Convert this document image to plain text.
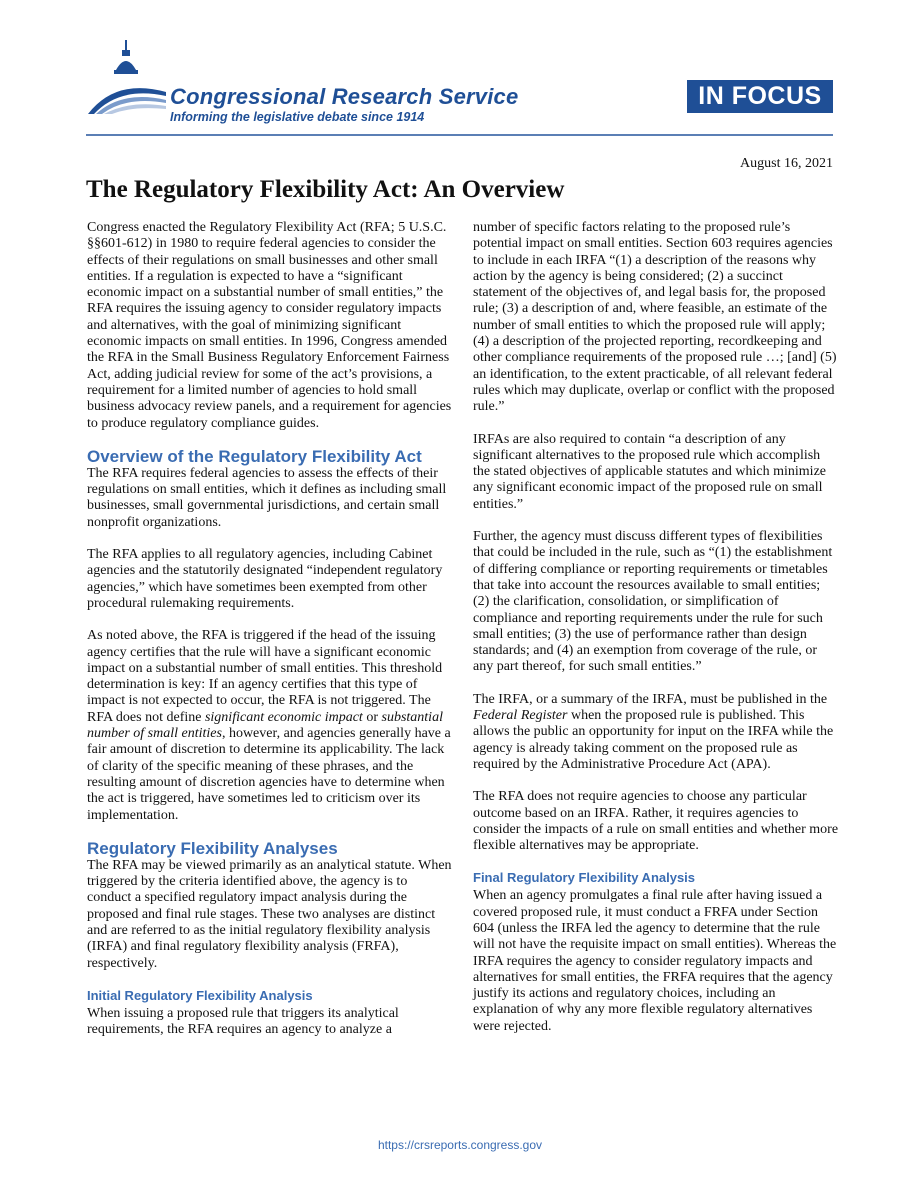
Congressional Research Service
Informing the legislative debate since 1914
IN FOCUS
August 16, 2021
The Regulatory Flexibility Act: An Overview

Congress enacted the Regulatory Flexibility Act (RFA; 5 U.S.C. §§601-612) in 1980 to require federal agencies to consider the effects of their regulations on small businesses and other small entities. If a regulation is expected to have a “significant economic impact on a substantial number of small entities,” the RFA requires the issuing agency to consider regulatory impacts and alternatives, with the goal of minimizing significant economic impacts on small entities. In 1996, Congress amended the RFA in the Small Business Regulatory Enforcement Fairness Act, adding judicial review for some of the act’s provisions, a requirement for a limited number of agencies to hold small business advocacy review panels, and a requirement for agencies to produce regulatory compliance guides.

Overview of the Regulatory Flexibility Act

The RFA requires federal agencies to assess the effects of their regulations on small entities, which it defines as including small businesses, small governmental jurisdictions, and certain small nonprofit organizations.

The RFA applies to all regulatory agencies, including Cabinet agencies and the statutorily designated “independent regulatory agencies,” which have sometimes been exempted from other procedural rulemaking requirements.

As noted above, the RFA is triggered if the head of the issuing agency certifies that the rule will have a significant economic impact on a substantial number of small entities. This threshold determination is key: If an agency certifies that this type of impact is not expected to occur, the RFA is not triggered. The RFA does not define significant economic impact or substantial number of small entities, however, and agencies generally have a fair amount of discretion to determine its applicability. The lack of clarity of the specific meaning of these phrases, and the resulting amount of discretion agencies have to determine when the act is triggered, have sometimes led to criticism over its implementation.

Regulatory Flexibility Analyses

The RFA may be viewed primarily as an analytical statute. When triggered by the criteria identified above, the agency is to conduct a specified regulatory impact analysis during the proposed and final rule stages. These two analyses are distinct and are referred to as the initial regulatory flexibility analysis (IRFA) and final regulatory flexibility analysis (FRFA), respectively.

Initial Regulatory Flexibility Analysis

When issuing a proposed rule that triggers its analytical requirements, the RFA requires an agency to analyze a

number of specific factors relating to the proposed rule’s potential impact on small entities. Section 603 requires agencies to include in each IRFA “(1) a description of the reasons why action by the agency is being considered; (2) a succinct statement of the objectives of, and legal basis for, the proposed rule; (3) a description of and, where feasible, an estimate of the number of small entities to which the proposed rule will apply; (4) a description of the projected reporting, recordkeeping and other compliance requirements of the proposed rule …; [and] (5) an identification, to the extent practicable, of all relevant federal rules which may duplicate, overlap or conflict with the proposed rule.”

IRFAs are also required to contain “a description of any significant alternatives to the proposed rule which accomplish the stated objectives of applicable statutes and which minimize any significant economic impact of the proposed rule on small entities.”

Further, the agency must discuss different types of flexibilities that could be included in the rule, such as “(1) the establishment of differing compliance or reporting requirements or timetables that take into account the resources available to small entities; (2) the clarification, consolidation, or simplification of compliance and reporting requirements under the rule for such small entities; (3) the use of performance rather than design standards; and (4) an exemption from coverage of the rule, or any part thereof, for such small entities.”

The IRFA, or a summary of the IRFA, must be published in the Federal Register when the proposed rule is published. This allows the public an opportunity for input on the IRFA while the agency is already taking comment on the proposed rule as required by the Administrative Procedure Act (APA).

The RFA does not require agencies to choose any particular outcome based on an IRFA. Rather, it requires agencies to consider the impacts of a rule on small entities and whether more flexible alternatives may be appropriate.

Final Regulatory Flexibility Analysis

When an agency promulgates a final rule after having issued a covered proposed rule, it must conduct a FRFA under Section 604 (unless the IRFA led the agency to determine that the rule will not have the requisite impact on small entities). Whereas the IRFA requires the agency to consider regulatory impacts and alternatives for small entities, the FRFA requires that the agency justify its actions and regulatory choices, including an explanation of why any more flexible regulatory alternatives were rejected.

https://crsreports.congress.gov
